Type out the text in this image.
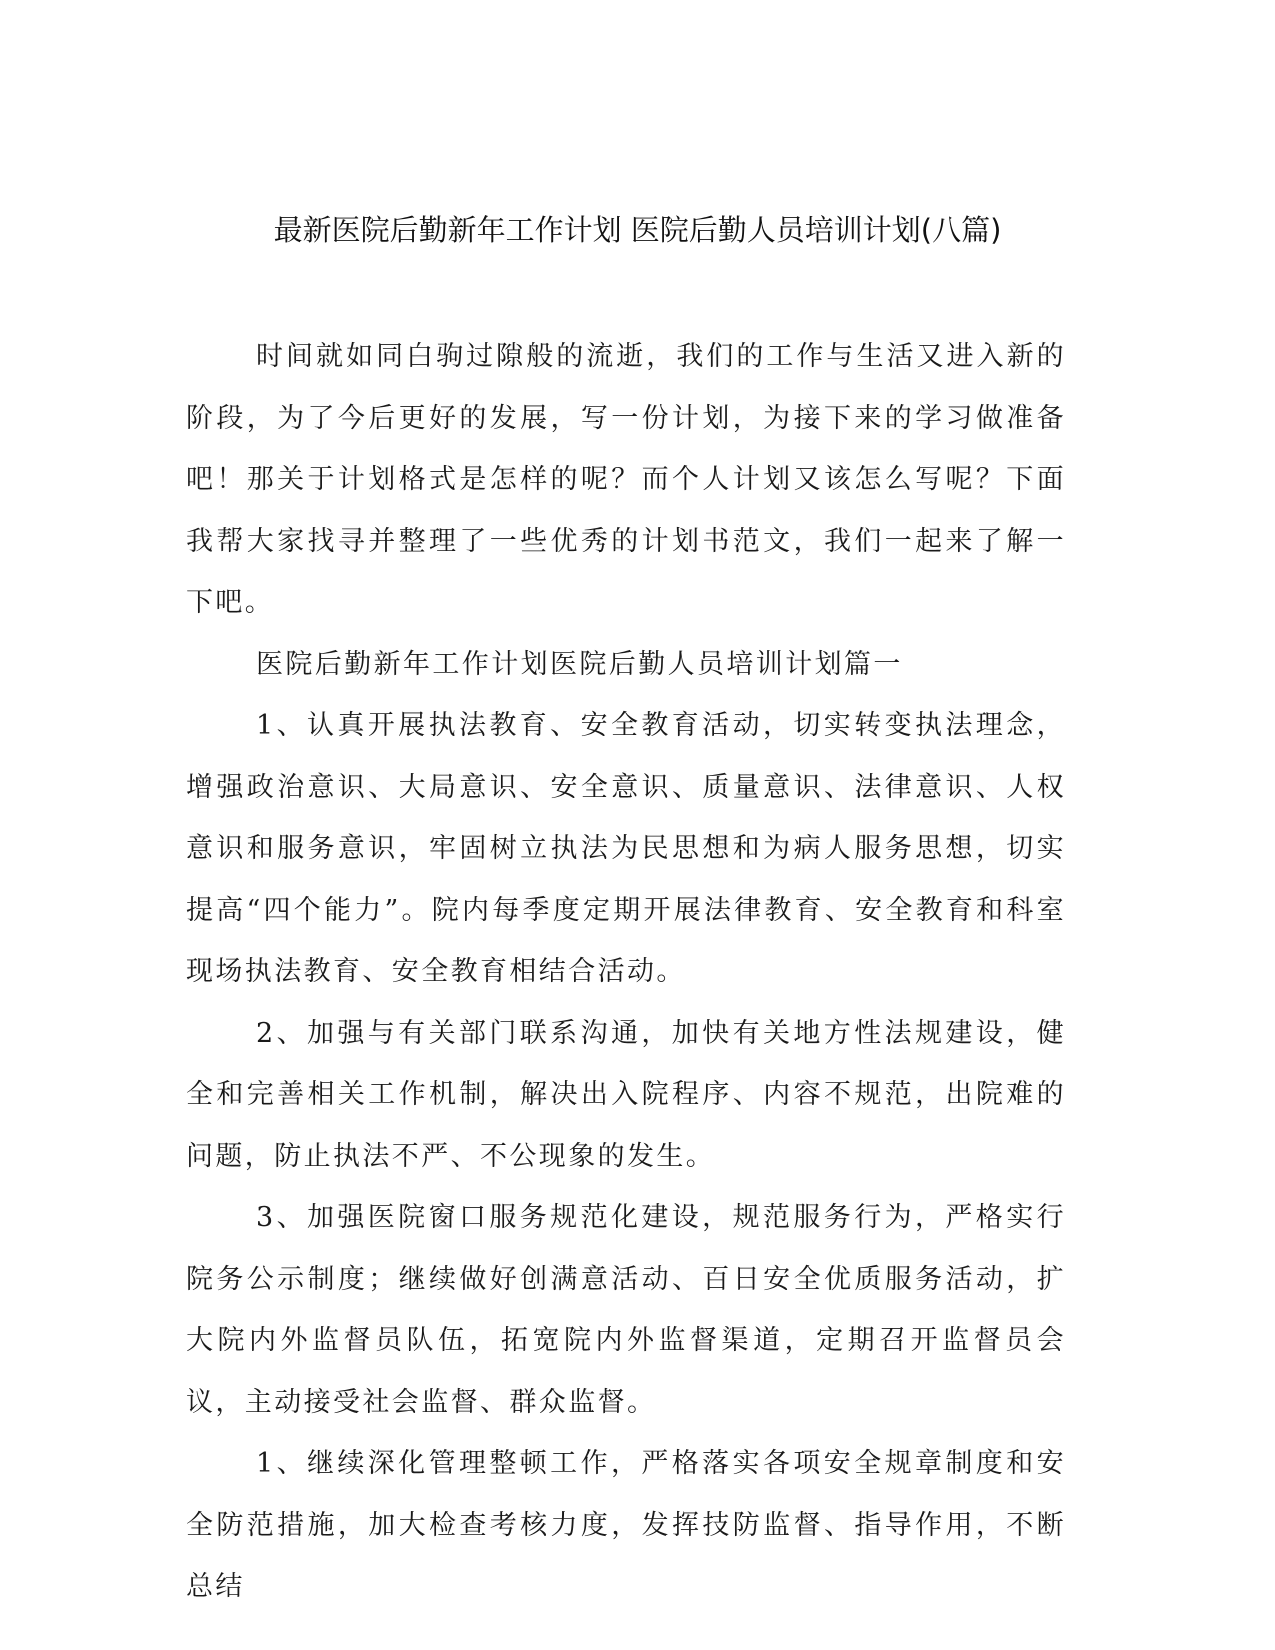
最新医院后勤新年工作计划 医院后勤人员培训计划(八篇)

时间就如同白驹过隙般的流逝，我们的工作与生活又进入新的阶段，为了今后更好的发展，写一份计划，为接下来的学习做准备吧！那关于计划格式是怎样的呢？而个人计划又该怎么写呢？下面我帮大家找寻并整理了一些优秀的计划书范文，我们一起来了解一下吧。

医院后勤新年工作计划医院后勤人员培训计划篇一

1、认真开展执法教育、安全教育活动，切实转变执法理念，增强政治意识、大局意识、安全意识、质量意识、法律意识、人权意识和服务意识，牢固树立执法为民思想和为病人服务思想，切实提高“四个能力”。院内每季度定期开展法律教育、安全教育和科室现场执法教育、安全教育相结合活动。

2、加强与有关部门联系沟通，加快有关地方性法规建设，健全和完善相关工作机制，解决出入院程序、内容不规范，出院难的问题，防止执法不严、不公现象的发生。

3、加强医院窗口服务规范化建设，规范服务行为，严格实行院务公示制度；继续做好创满意活动、百日安全优质服务活动，扩大院内外监督员队伍，拓宽院内外监督渠道，定期召开监督员会议，主动接受社会监督、群众监督。

1、继续深化管理整顿工作，严格落实各项安全规章制度和安全防范措施，加大检查考核力度，发挥技防监督、指导作用，不断总结
